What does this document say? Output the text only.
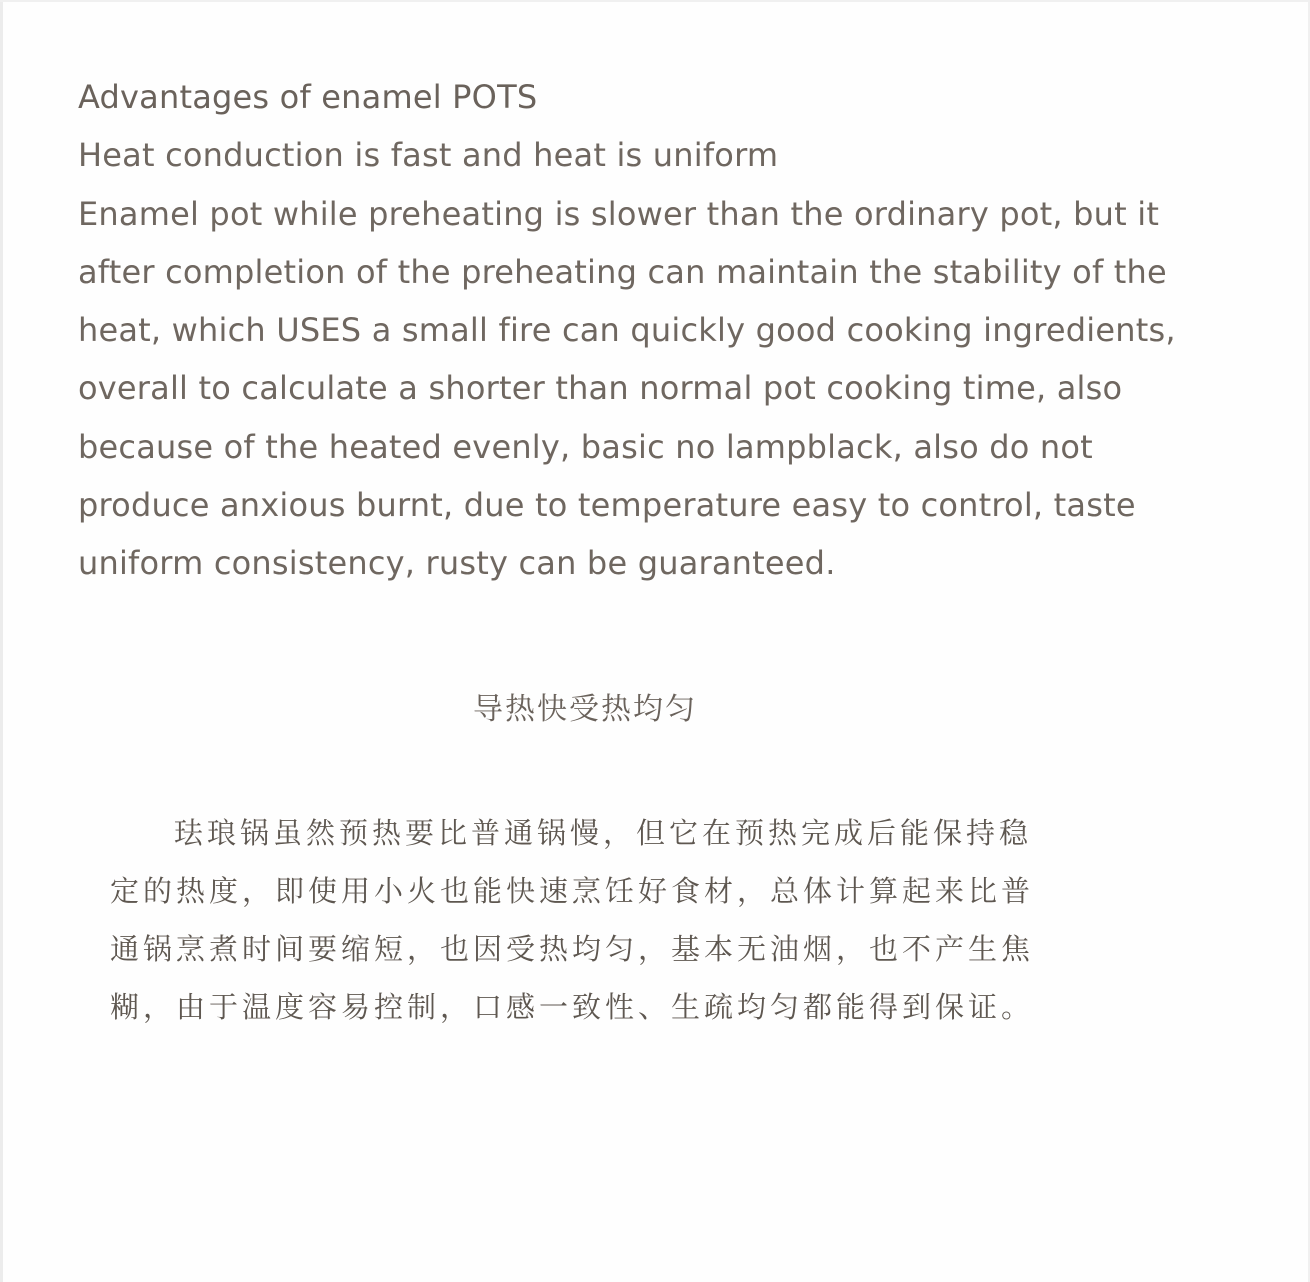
Advantages of enamel POTS
Heat conduction is fast and heat is uniform
Enamel pot while preheating is slower than the ordinary pot, but it after completion of the preheating can maintain the stability of the heat, which USES a small fire can quickly good cooking ingredients, overall to calculate a shorter than normal pot cooking time, also because of the heated evenly, basic no lampblack, also do not produce anxious burnt, due to temperature easy to control, taste uniform consistency, rusty can be guaranteed.
导热快受热均匀
珐琅锅虽然预热要比普通锅慢，但它在预热完成后能保持稳定的热度，即使用小火也能快速烹饪好食材，总体计算起来比普通锅烹煮时间要缩短，也因受热均匀，基本无油烟，也不产生焦糊，由于温度容易控制，口感一致性、生疏均匀都能得到保证。
